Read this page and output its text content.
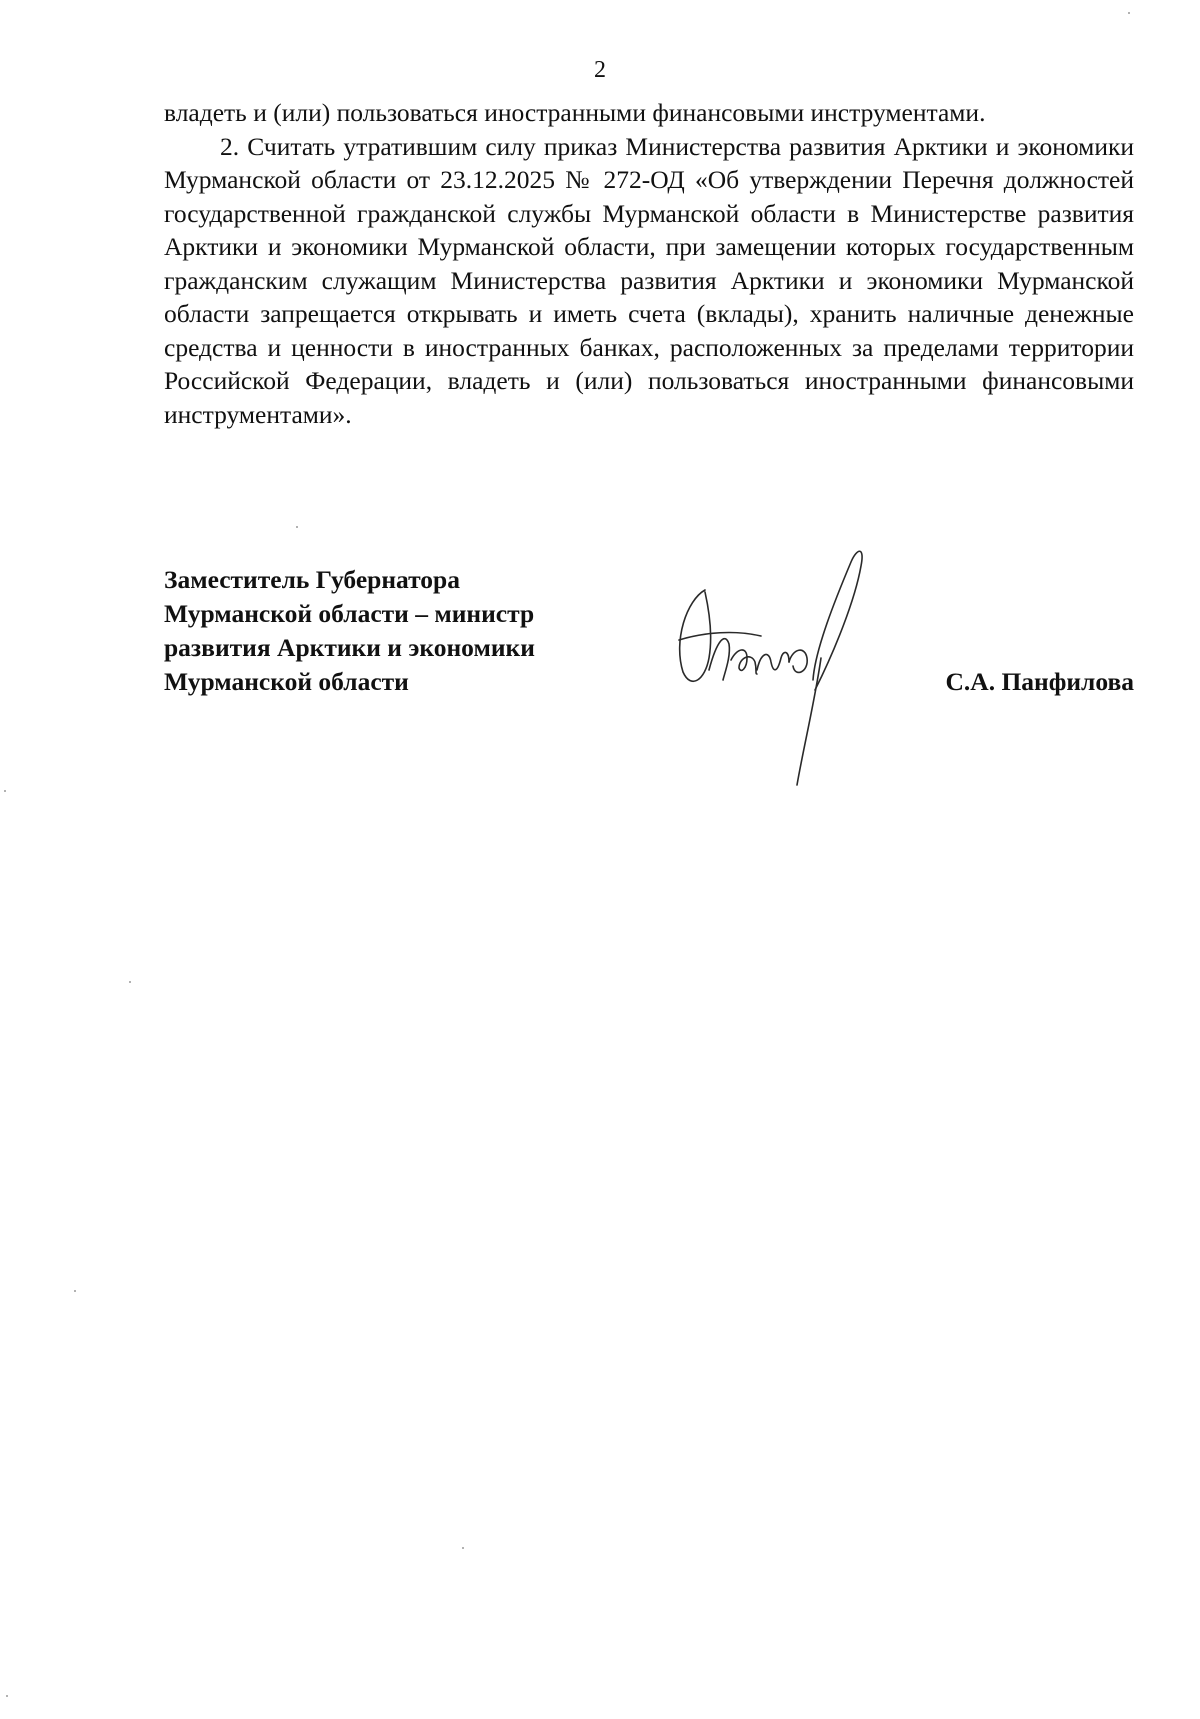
2

владеть и (или) пользоваться иностранными финансовыми инструментами.

2. Считать утратившим силу приказ Министерства развития Арктики и экономики Мурманской области от 23.12.2025 № 272-ОД «Об утверждении Перечня должностей государственной гражданской службы Мурманской области в Министерстве развития Арктики и экономики Мурманской области, при замещении которых государственным гражданским служащим Министерства развития Арктики и экономики Мурманской области запрещается открывать и иметь счета (вклады), хранить наличные денежные средства и ценности в иностранных банках, расположенных за пределами территории Российской Федерации, владеть и (или) пользоваться иностранными финансовыми инструментами».

Заместитель Губернатора
Мурманской области – министр
развития Арктики и экономики
Мурманской области	С.А. Панфилова
